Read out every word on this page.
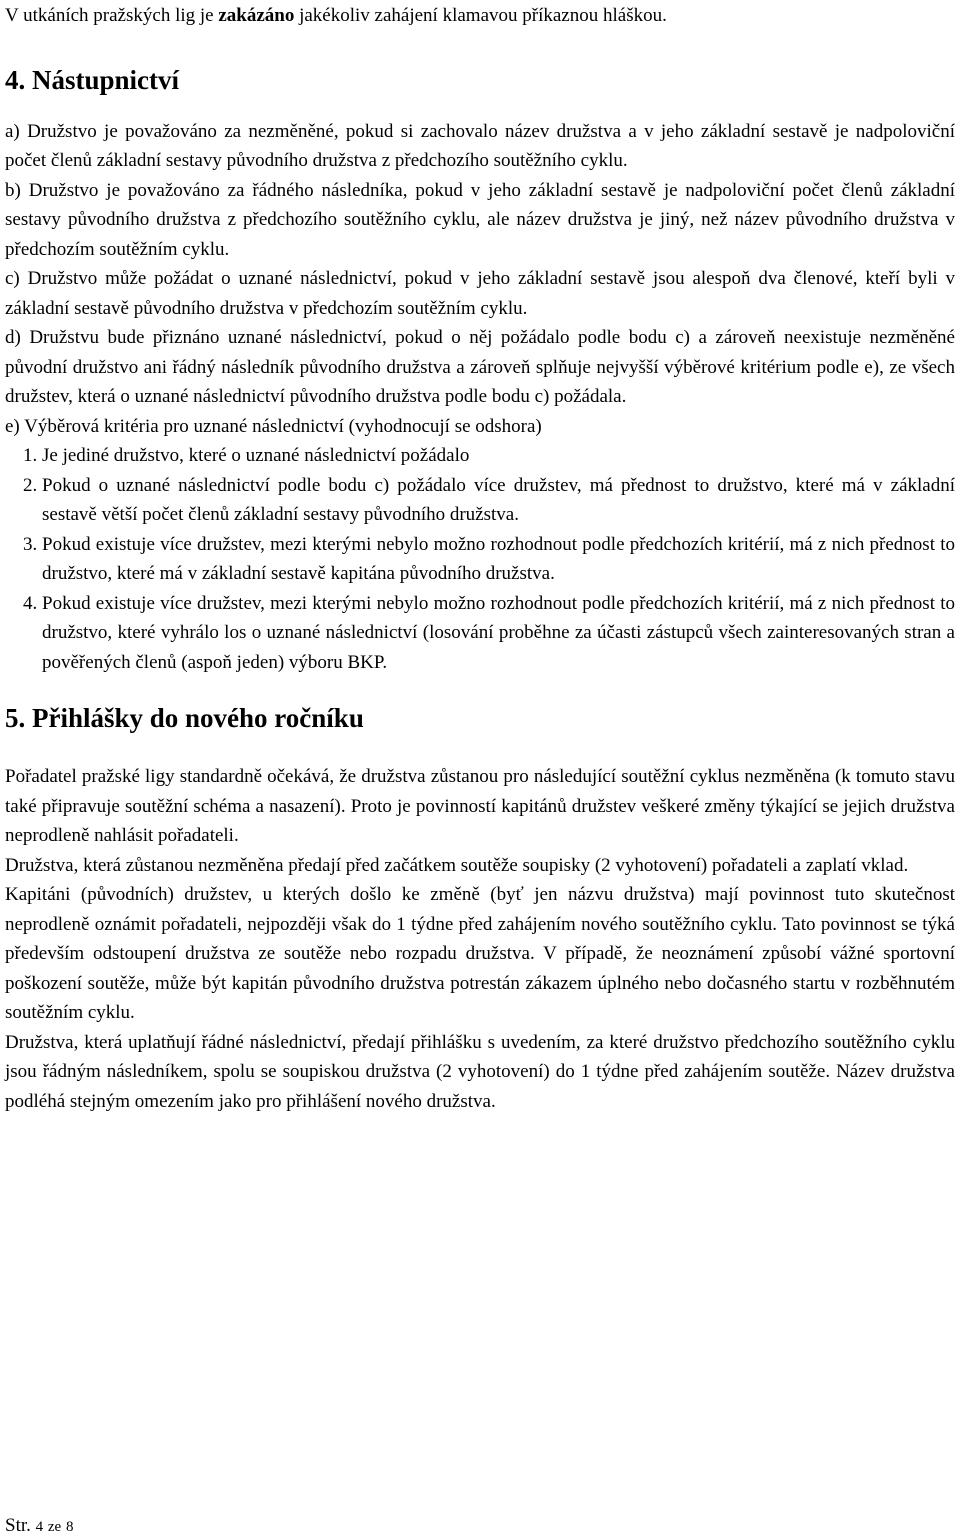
V utkáních pražských lig je zakázáno jakékoliv zahájení klamavou příkaznou hláškou.

4. Nástupnictví

a) Družstvo je považováno za nezměněné, pokud si zachovalo název družstva a v jeho základní sestavě je nadpoloviční počet členů základní sestavy původního družstva z předchozího soutěžního cyklu.

b) Družstvo je považováno za řádného následníka, pokud v jeho základní sestavě je nadpoloviční počet členů základní sestavy původního družstva z předchozího soutěžního cyklu, ale název družstva je jiný, než název původního družstva v předchozím soutěžním cyklu.

c) Družstvo může požádat o uznané následnictví, pokud v jeho základní sestavě jsou alespoň dva členové, kteří byli v základní sestavě původního družstva v předchozím soutěžním cyklu.

d) Družstvu bude přiznáno uznané následnictví, pokud o něj požádalo podle bodu c) a zároveň neexistuje nezměněné původní družstvo ani řádný následník původního družstva a zároveň splňuje nejvyšší výběrové kritérium podle e), ze všech družstev, která o uznané následnictví původního družstva podle bodu c) požádala.

e) Výběrová kritéria pro uznané následnictví (vyhodnocují se odshora)

1. Je jediné družstvo, které o uznané následnictví požádalo
2. Pokud o uznané následnictví podle bodu c) požádalo více družstev, má přednost to družstvo, které má v základní sestavě větší počet členů základní sestavy původního družstva.
3. Pokud existuje více družstev, mezi kterými nebylo možno rozhodnout podle předchozích kritérií, má z nich přednost to družstvo, které má v základní sestavě kapitána původního družstva.
4. Pokud existuje více družstev, mezi kterými nebylo možno rozhodnout podle předchozích kritérií, má z nich přednost to družstvo, které vyhrálo los o uznané následnictví (losování proběhne za účasti zástupců všech zainteresovaných stran a pověřených členů (aspoň jeden) výboru BKP.
5. Přihlášky do nového ročníku

Pořadatel pražské ligy standardně očekává, že družstva zůstanou pro následující soutěžní cyklus nezměněna (k tomuto stavu také připravuje soutěžní schéma a nasazení). Proto je povinností kapitánů družstev veškeré změny týkající se jejich družstva neprodleně nahlásit pořadateli.

Družstva, která zůstanou nezměněna předají před začátkem soutěže soupisky (2 vyhotovení) pořadateli a zaplatí vklad.

Kapitáni (původních) družstev, u kterých došlo ke změně (byť jen názvu družstva) mají povinnost tuto skutečnost neprodleně oznámit pořadateli, nejpozději však do 1 týdne před zahájením nového soutěžního cyklu. Tato povinnost se týká především odstoupení družstva ze soutěže nebo rozpadu družstva. V případě, že neoznámení způsobí vážné sportovní poškození soutěže, může být kapitán původního družstva potrestán zákazem úplného nebo dočasného startu v rozběhnutém soutěžním cyklu.

Družstva, která uplatňují řádné následnictví, předají přihlášku s uvedením, za které družstvo předchozího soutěžního cyklu jsou řádným následníkem, spolu se soupiskou družstva (2 vyhotovení) do 1 týdne před zahájením soutěže. Název družstva podléhá stejným omezením jako pro přihlášení nového družstva.

Str. 4 ze 8
